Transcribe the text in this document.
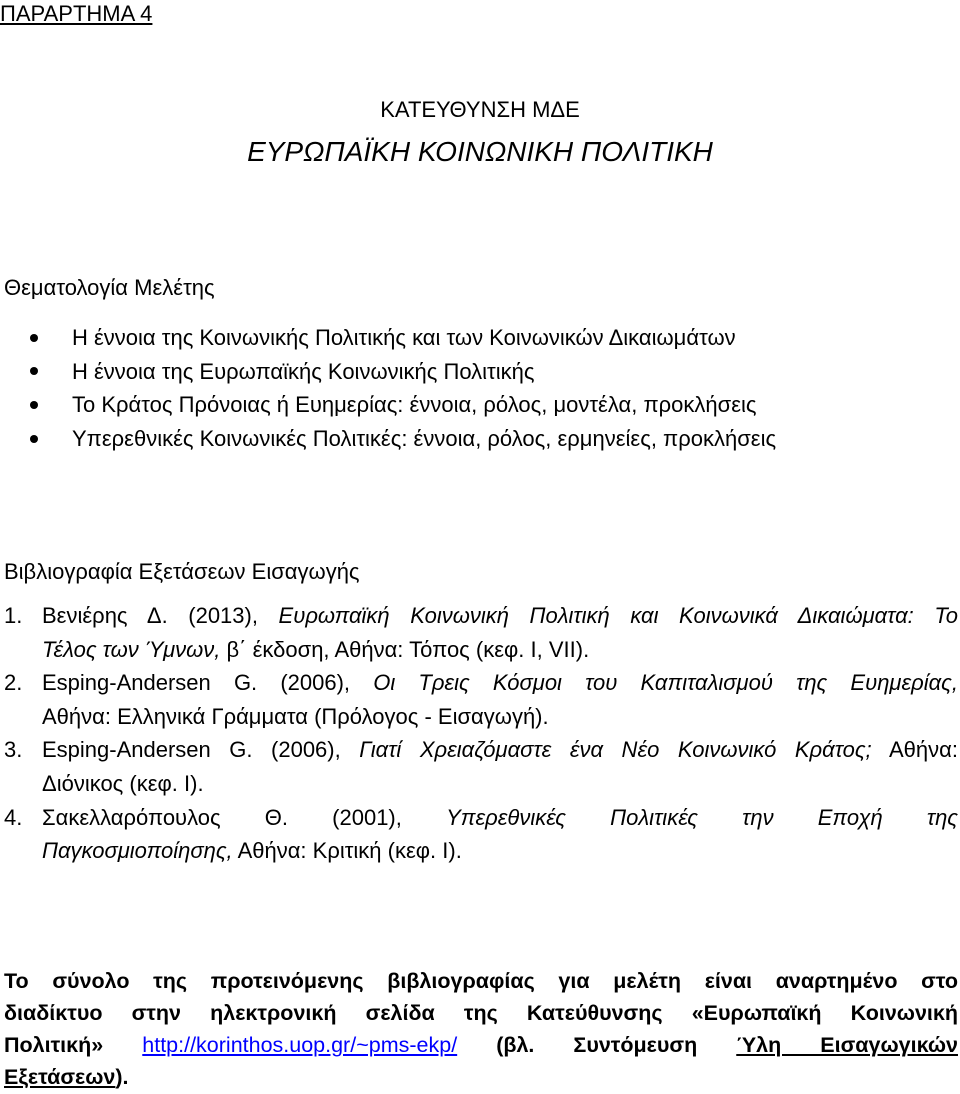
ΠΑΡΑΡΤΗΜΑ 4
ΚΑΤΕΥΘΥΝΣΗ ΜΔΕ
ΕΥΡΩΠΑΪΚΗ ΚΟΙΝΩΝΙΚΗ ΠΟΛΙΤΙΚΗ
Θεματολογία Μελέτης
Η έννοια της Κοινωνικής Πολιτικής και των Κοινωνικών Δικαιωμάτων
Η έννοια της Ευρωπαϊκής Κοινωνικής Πολιτικής
Το Κράτος Πρόνοιας ή Ευημερίας: έννοια, ρόλος, μοντέλα, προκλήσεις
Υπερεθνικές Κοινωνικές Πολιτικές: έννοια, ρόλος, ερμηνείες, προκλήσεις
Βιβλιογραφία Εξετάσεων Εισαγωγής
1. Βενιέρης Δ. (2013), Ευρωπαϊκή Κοινωνική Πολιτική και Κοινωνικά Δικαιώματα: Το
Τέλος των Ύμνων, β΄ έκδοση, Αθήνα: Τόπος (κεφ. I, VII).
2. Esping-Andersen G. (2006), Οι Τρεις Κόσμοι του Καπιταλισμού της Ευημερίας,
Αθήνα: Ελληνικά Γράμματα (Πρόλογος - Εισαγωγή).
3. Esping-Andersen G. (2006), Γιατί Χρειαζόμαστε ένα Νέο Κοινωνικό Κράτος; Αθήνα:
Διόνικος (κεφ. I).
4. Σακελλαρόπουλος Θ. (2001), Υπερεθνικές Πολιτικές την Εποχή της
Παγκοσμιοποίησης, Αθήνα: Κριτική (κεφ. I).
Το σύνολο της προτεινόμενης βιβλιογραφίας για μελέτη είναι αναρτημένο στο
διαδίκτυο στην ηλεκτρονική σελίδα της Κατεύθυνσης «Ευρωπαϊκή Κοινωνική
Πολιτική» http://korinthos.uop.gr/~pms-ekp/ (βλ. Συντόμευση Ύλη Εισαγωγικών
Εξετάσεων).
